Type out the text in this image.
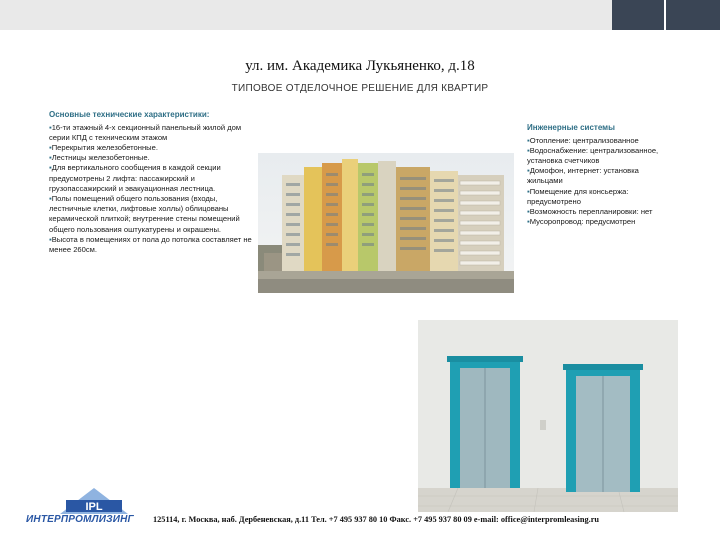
ул. им. Академика Лукьяненко, д.18
ТИПОВОЕ ОТДЕЛОЧНОЕ РЕШЕНИЕ ДЛЯ КВАРТИР
Основные технические характеристики:
▪ 16-ти этажный 4-х секционный панельный жилой дом серии КПД с техническим этажом
▪ Перекрытия железобетонные.
▪ Лестницы железобетонные.
▪ Для вертикального сообщения в каждой секции предусмотрены 2 лифта: пассажирский и грузопассажирский и эвакуационная лестница.
▪ Полы помещений общего пользования (входы, лестничные клетки, лифтовые холлы) облицованы керамической плиткой; внутренние стены помещений общего пользования оштукатурены и окрашены.
▪ Высота в помещениях от пола до потолка составляет не менее 260см.
Инженерные системы
▪ Отопление: централизованное
▪ Водоснабжение: централизованное, установка счетчиков
▪ Домофон, интернет: установка жильцами
▪ Помещение для консьержа: предусмотрено
▪ Возможность перепланировки: нет
▪ Мусоропровод: предусмотрен
IPL
ИНТЕРПРОМЛИЗИНГ	125114, г. Москва, наб. Дербеневская, д.11 Тел. +7 495 937 80 10 Факс. +7 495 937 80 09 e-mail: office@interpromleasing.ru
